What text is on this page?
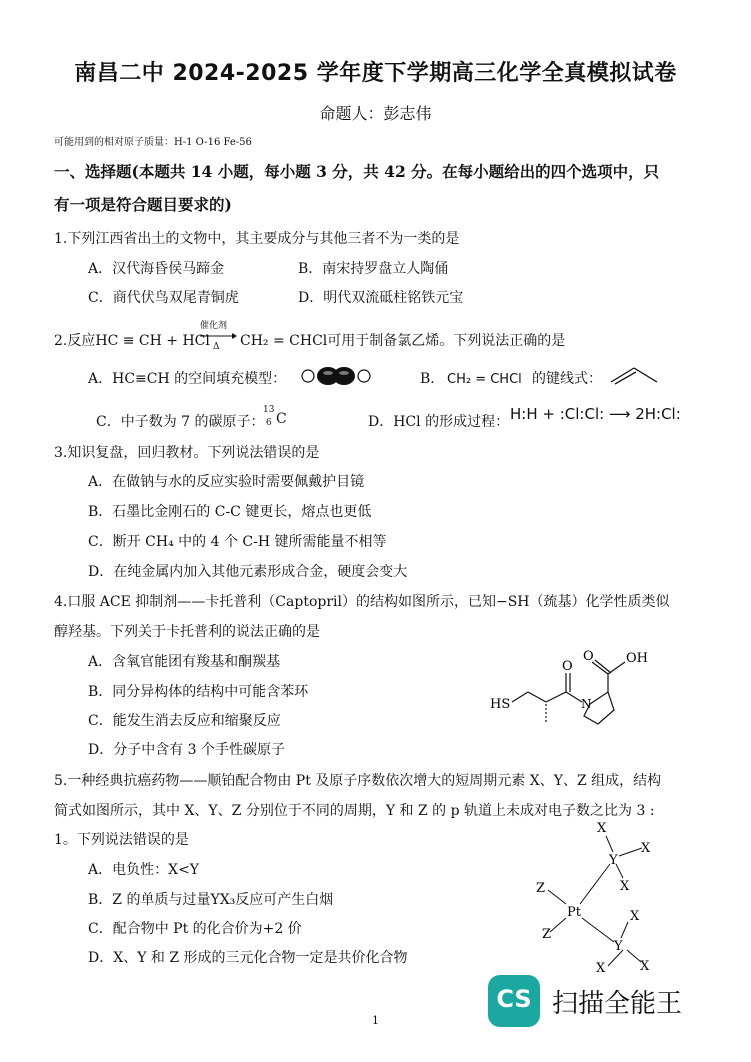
南昌二中 2024-2025 学年度下学期高三化学全真模拟试卷
命题人：彭志伟
可能用到的相对原子质量：H-1 O-16 Fe-56
一、选择题(本题共 14 小题，每小题 3 分，共 42 分。在每小题给出的四个选项中，只
有一项是符合题目要求的)
1.下列江西省出土的文物中，其主要成分与其他三者不为一类的是
A．汉代海昏侯马蹄金	B．南宋持罗盘立人陶俑
C．商代伏鸟双尾青铜虎	D．明代双流砥柱铭铁元宝
2.反应HC ≡ CH + HCl
催化剂
Δ CH₂ = CHCl可用于制备氯乙烯。下列说法正确的是
A．HC≡CH 的空间填充模型：	B． CH₂ = CHCl 的键线式：
C．中子数为 7 的碳原子：
13
6 C	D．HCl 的形成过程： H:H + :Cl:Cl: ⟶ 2H:Cl:
3.知识复盘，回归教材。下列说法错误的是
A．在做钠与水的反应实验时需要佩戴护目镜
B．石墨比金刚石的 C-C 键更长，熔点也更低
C．断开 CH₄ 中的 4 个 C-H 键所需能量不相等
D．在纯金属内加入其他元素形成合金，硬度会变大
4.口服 ACE 抑制剂——卡托普利（Captopril）的结构如图所示，已知−SH（巯基）化学性质类似
醇羟基。下列关于卡托普利的说法正确的是
A．含氧官能团有羧基和酮羰基
B．同分异构体的结构中可能含苯环
C．能发生消去反应和缩聚反应
D．分子中含有 3 个手性碳原子
HS
O
O OH
N
5.一种经典抗癌药物——顺铂配合物由 Pt 及原子序数依次增大的短周期元素 X、Y、Z 组成，结构
简式如图所示，其中 X、Y、Z 分别位于不同的周期，Y 和 Z 的 p 轨道上未成对电子数之比为 3 :
1。下列说法错误的是
A．电负性：X<Y
B．Z 的单质与过量YX₃反应可产生白烟
C．配合物中 Pt 的化合价为+2 价
D．X、Y 和 Z 形成的三元化合物一定是共价化合物
X
Y
X
X
Z
Pt
Z
X
Y
X	X
CS 扫描全能王
1
